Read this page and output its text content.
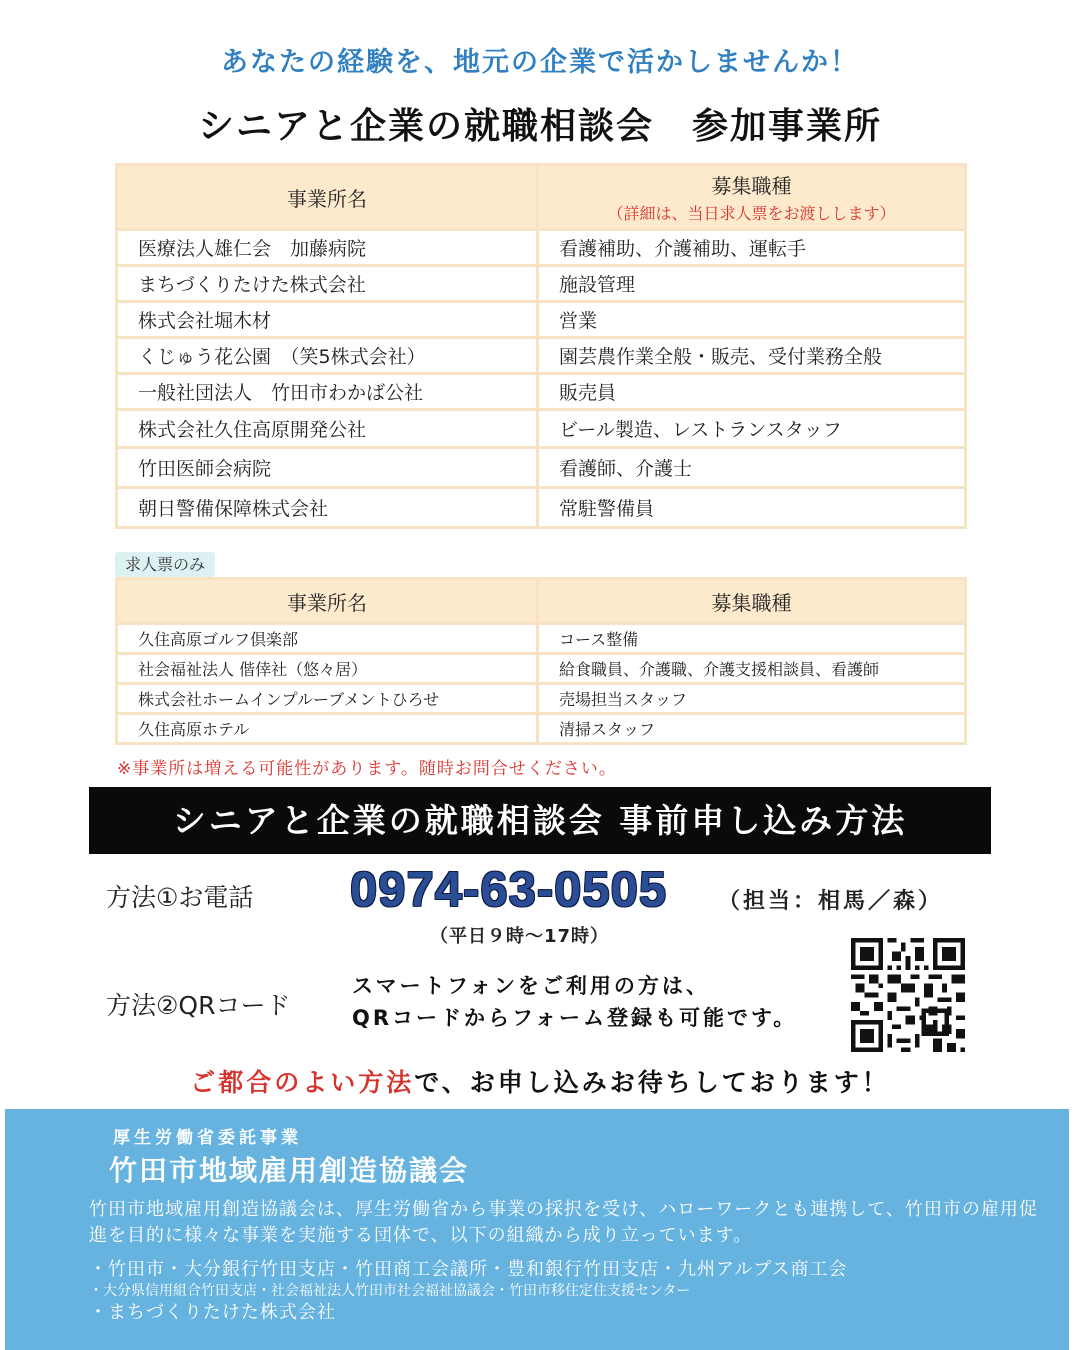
あなたの経験を、地元の企業で活かしませんか！
シニアと企業の就職相談会　参加事業所
事業所名	募集職種
（詳細は、当日求人票をお渡しします）

医療法人雄仁会　加藤病院	看護補助、介護補助、運転手
まちづくりたけた株式会社	施設管理
株式会社堀木材	営業
くじゅう花公園　（笑5株式会社）	園芸農作業全般・販売、受付業務全般
一般社団法人　竹田市わかば公社	販売員
株式会社久住高原開発公社	ビール製造、レストランスタッフ
竹田医師会病院	看護師、介護士
朝日警備保障株式会社	常駐警備員
求人票のみ
事業所名	募集職種
久住高原ゴルフ倶楽部	コース整備
社会福祉法人 偕倖社（悠々居）	給食職員、介護職、介護支援相談員、看護師
株式会社ホームインプルーブメントひろせ	売場担当スタッフ
久住高原ホテル	清掃スタッフ
※事業所は増える可能性があります。随時お問合せください。
シニアと企業の就職相談会 事前申し込み方法
方法①お電話 0974-63-0505 （担当：相馬／森）
（平日９時〜17時）
方法②QRコード
スマートフォンをご利用の方は、
QRコードからフォーム登録も可能です。
ご都合のよい方法で、お申し込みお待ちしております！
厚生労働省委託事業
竹田市地域雇用創造協議会
竹田市地域雇用創造協議会は、厚生労働省から事業の採択を受け、ハローワークとも連携して、竹田市の雇用促進を目的に様々な事業を実施する団体で、以下の組織から成り立っています。
・竹田市・大分銀行竹田支店・竹田商工会議所・豊和銀行竹田支店・九州アルプス商工会
・大分県信用組合竹田支店・社会福祉法人竹田市社会福祉協議会・竹田市移住定住支援センター
・まちづくりたけた株式会社
